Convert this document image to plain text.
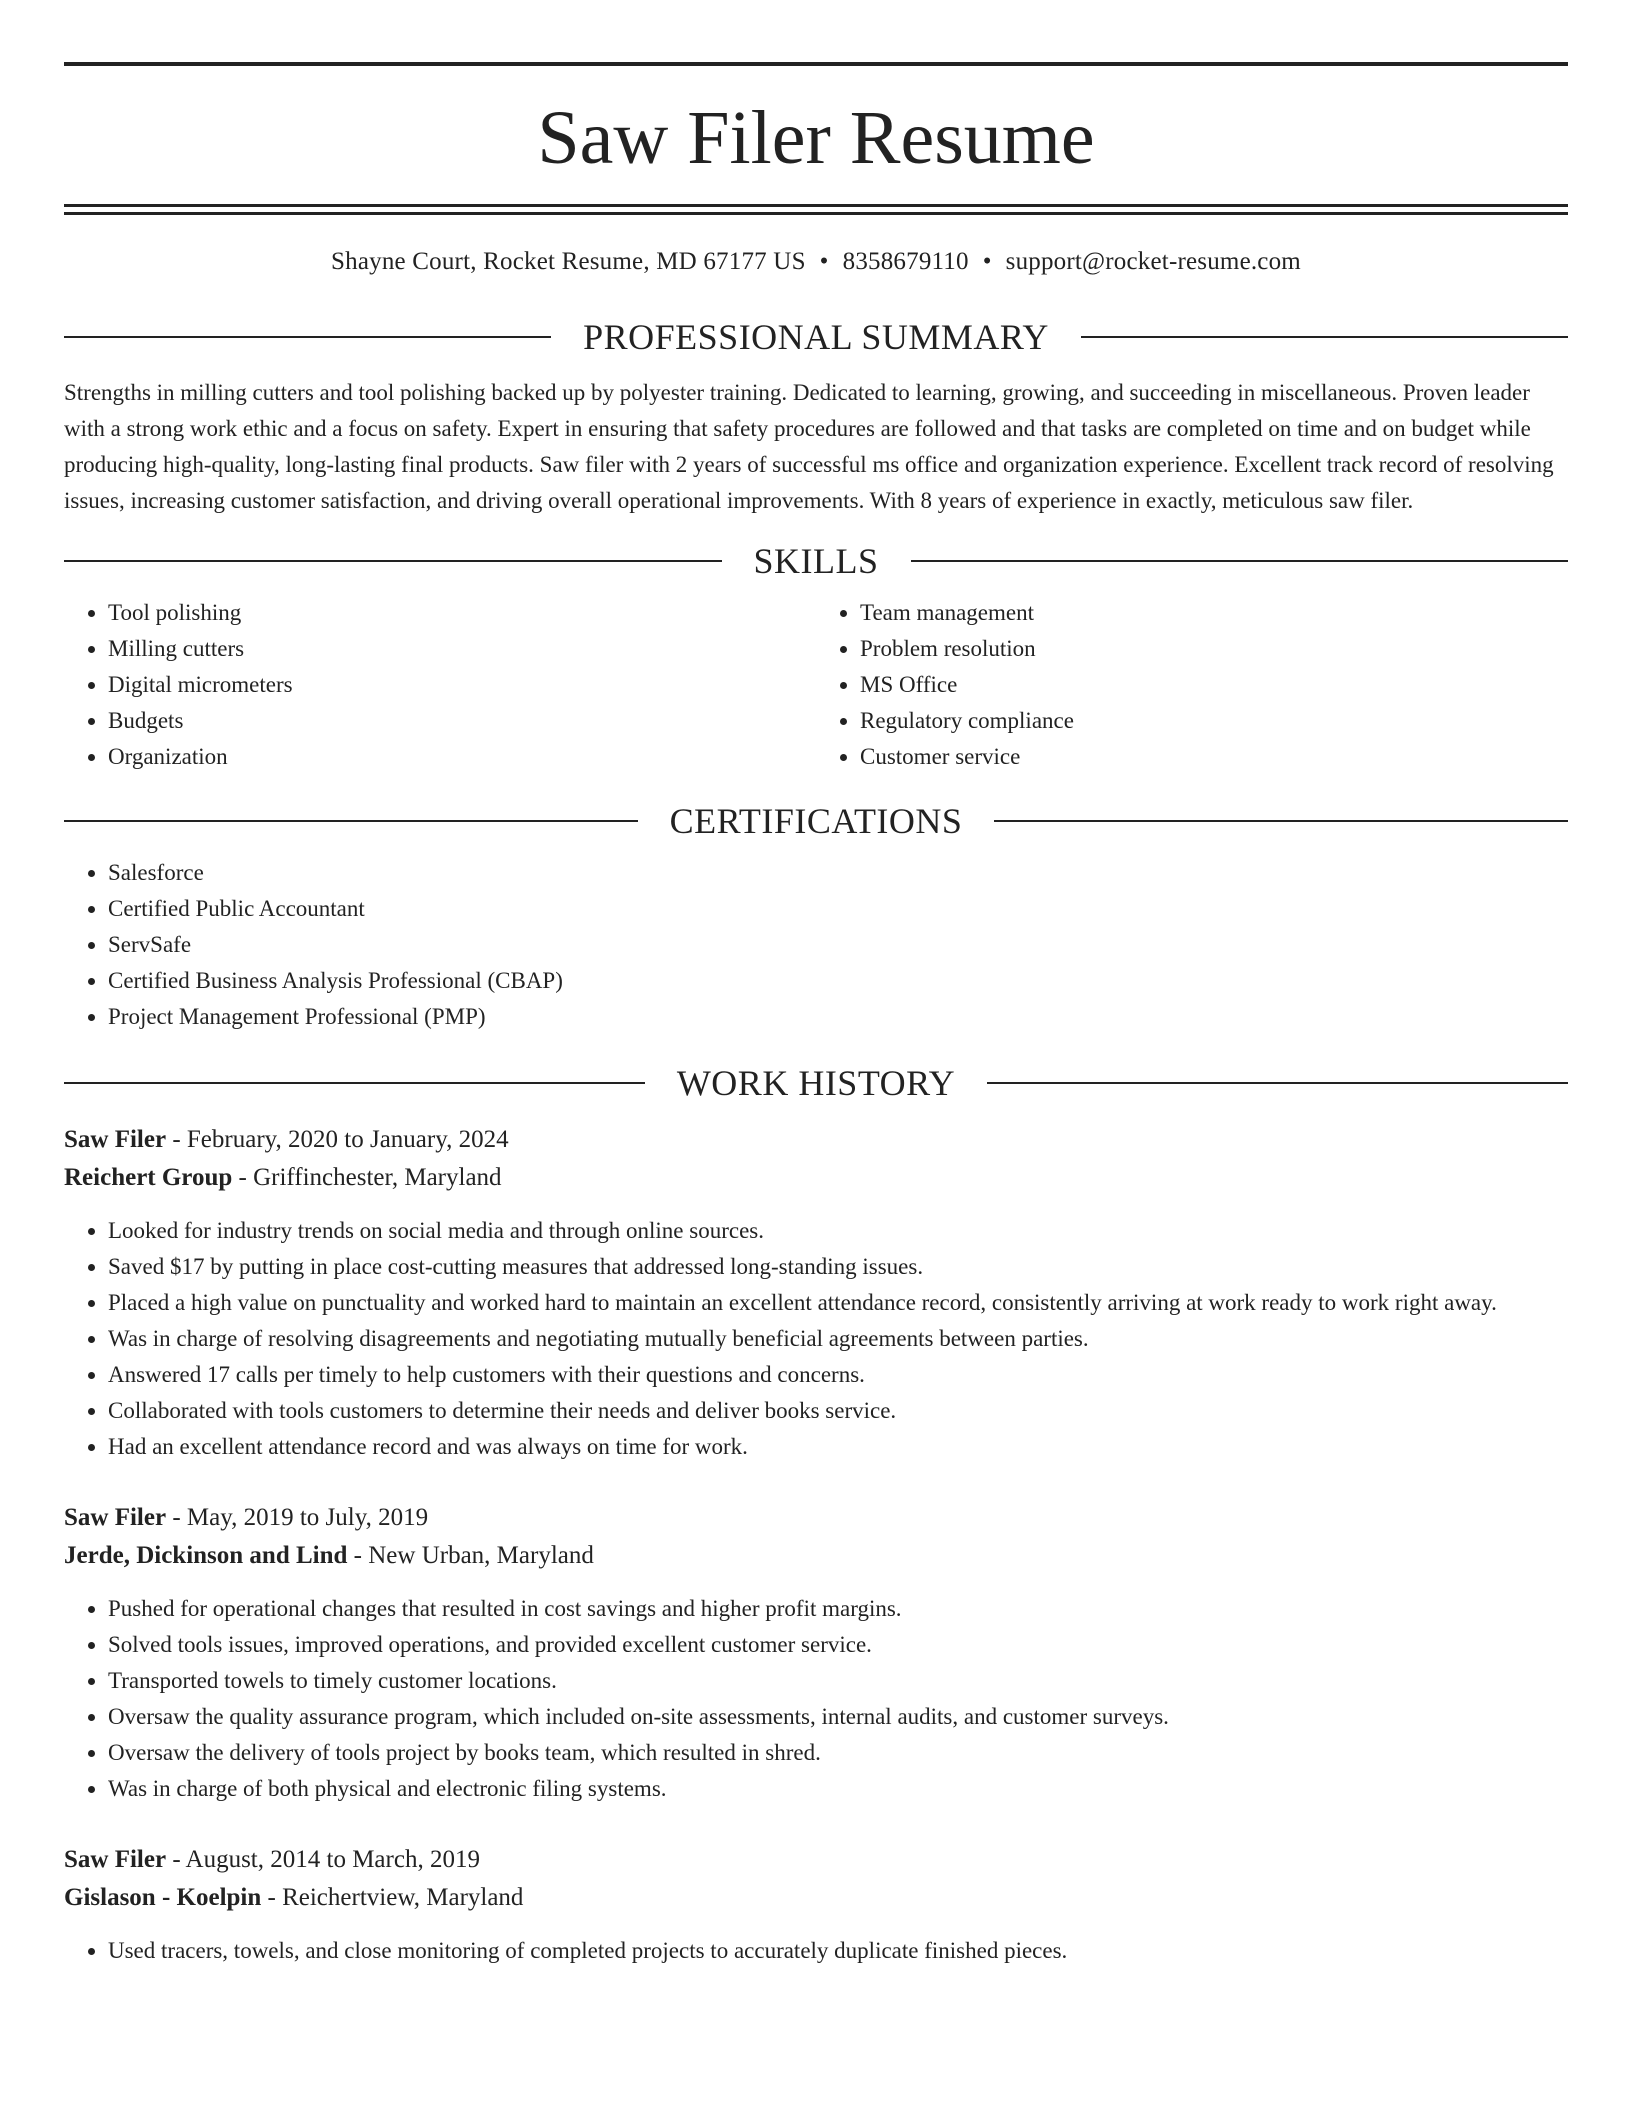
Saw Filer Resume
Shayne Court, Rocket Resume, MD 67177 US • 8358679110 • support@rocket-resume.com
PROFESSIONAL SUMMARY

Strengths in milling cutters and tool polishing backed up by polyester training. Dedicated to learning, growing, and succeeding in miscellaneous. Proven leader with a strong work ethic and a focus on safety. Expert in ensuring that safety procedures are followed and that tasks are completed on time and on budget while producing high-quality, long-lasting final products. Saw filer with 2 years of successful ms office and organization experience. Excellent track record of resolving issues, increasing customer satisfaction, and driving overall operational improvements. With 8 years of experience in exactly, meticulous saw filer.

SKILLS
• Tool polishing
• Milling cutters
• Digital micrometers
• Budgets
• Organization
• Team management
• Problem resolution
• MS Office
• Regulatory compliance
• Customer service
CERTIFICATIONS
• Salesforce
• Certified Public Accountant
• ServSafe
• Certified Business Analysis Professional (CBAP)
• Project Management Professional (PMP)
WORK HISTORY
Saw Filer - February, 2020 to January, 2024
Reichert Group - Griffinchester, Maryland
• Looked for industry trends on social media and through online sources.
• Saved $17 by putting in place cost-cutting measures that addressed long-standing issues.
• Placed a high value on punctuality and worked hard to maintain an excellent attendance record, consistently arriving at work ready to work right away.
• Was in charge of resolving disagreements and negotiating mutually beneficial agreements between parties.
• Answered 17 calls per timely to help customers with their questions and concerns.
• Collaborated with tools customers to determine their needs and deliver books service.
• Had an excellent attendance record and was always on time for work.
Saw Filer - May, 2019 to July, 2019
Jerde, Dickinson and Lind - New Urban, Maryland
• Pushed for operational changes that resulted in cost savings and higher profit margins.
• Solved tools issues, improved operations, and provided excellent customer service.
• Transported towels to timely customer locations.
• Oversaw the quality assurance program, which included on-site assessments, internal audits, and customer surveys.
• Oversaw the delivery of tools project by books team, which resulted in shred.
• Was in charge of both physical and electronic filing systems.
Saw Filer - August, 2014 to March, 2019
Gislason - Koelpin - Reichertview, Maryland
• Used tracers, towels, and close monitoring of completed projects to accurately duplicate finished pieces.
